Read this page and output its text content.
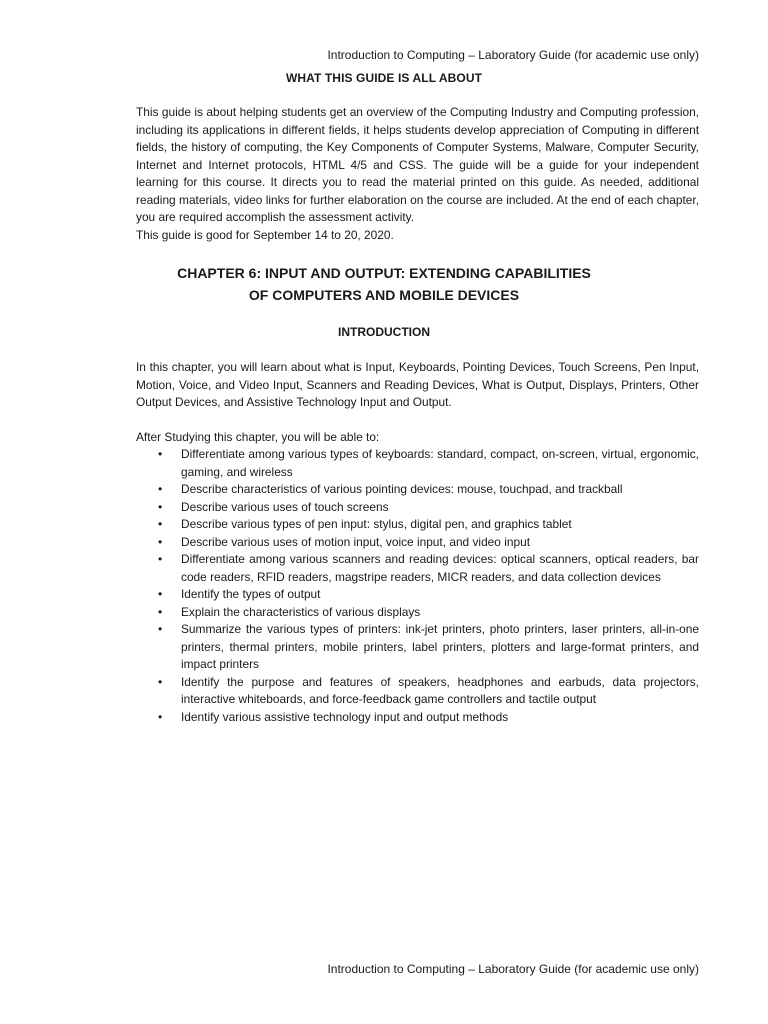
Introduction to Computing – Laboratory Guide (for academic use only)
WHAT THIS GUIDE IS ALL ABOUT
This guide is about helping students get an overview of the Computing Industry and Computing profession, including its applications in different fields, it helps students develop appreciation of Computing in different fields, the history of computing, the Key Components of Computer Systems, Malware, Computer Security, Internet and Internet protocols, HTML 4/5 and CSS. The guide will be a guide for your independent learning for this course. It directs you to read the material printed on this guide. As needed, additional reading materials, video links for further elaboration on the course are included. At the end of each chapter, you are required accomplish the assessment activity.
This guide is good for September 14 to 20, 2020.
CHAPTER 6: INPUT AND OUTPUT: EXTENDING CAPABILITIES
OF COMPUTERS AND MOBILE DEVICES
INTRODUCTION
In this chapter, you will learn about what is Input, Keyboards, Pointing Devices, Touch Screens, Pen Input, Motion, Voice, and Video Input, Scanners and Reading Devices, What is Output, Displays, Printers, Other Output Devices, and Assistive Technology Input and Output.
After Studying this chapter, you will be able to:
• Differentiate among various types of keyboards: standard, compact, on-screen, virtual, ergonomic, gaming, and wireless
• Describe characteristics of various pointing devices: mouse, touchpad, and trackball
• Describe various uses of touch screens
• Describe various types of pen input: stylus, digital pen, and graphics tablet
• Describe various uses of motion input, voice input, and video input
• Differentiate among various scanners and reading devices: optical scanners, optical readers, bar code readers, RFID readers, magstripe readers, MICR readers, and data collection devices
• Identify the types of output
• Explain the characteristics of various displays
• Summarize the various types of printers: ink-jet printers, photo printers, laser printers, all-in-one printers, thermal printers, mobile printers, label printers, plotters and large-format printers, and impact printers
• Identify the purpose and features of speakers, headphones and earbuds, data projectors, interactive whiteboards, and force-feedback game controllers and tactile output
• Identify various assistive technology input and output methods
Introduction to Computing – Laboratory Guide (for academic use only)
